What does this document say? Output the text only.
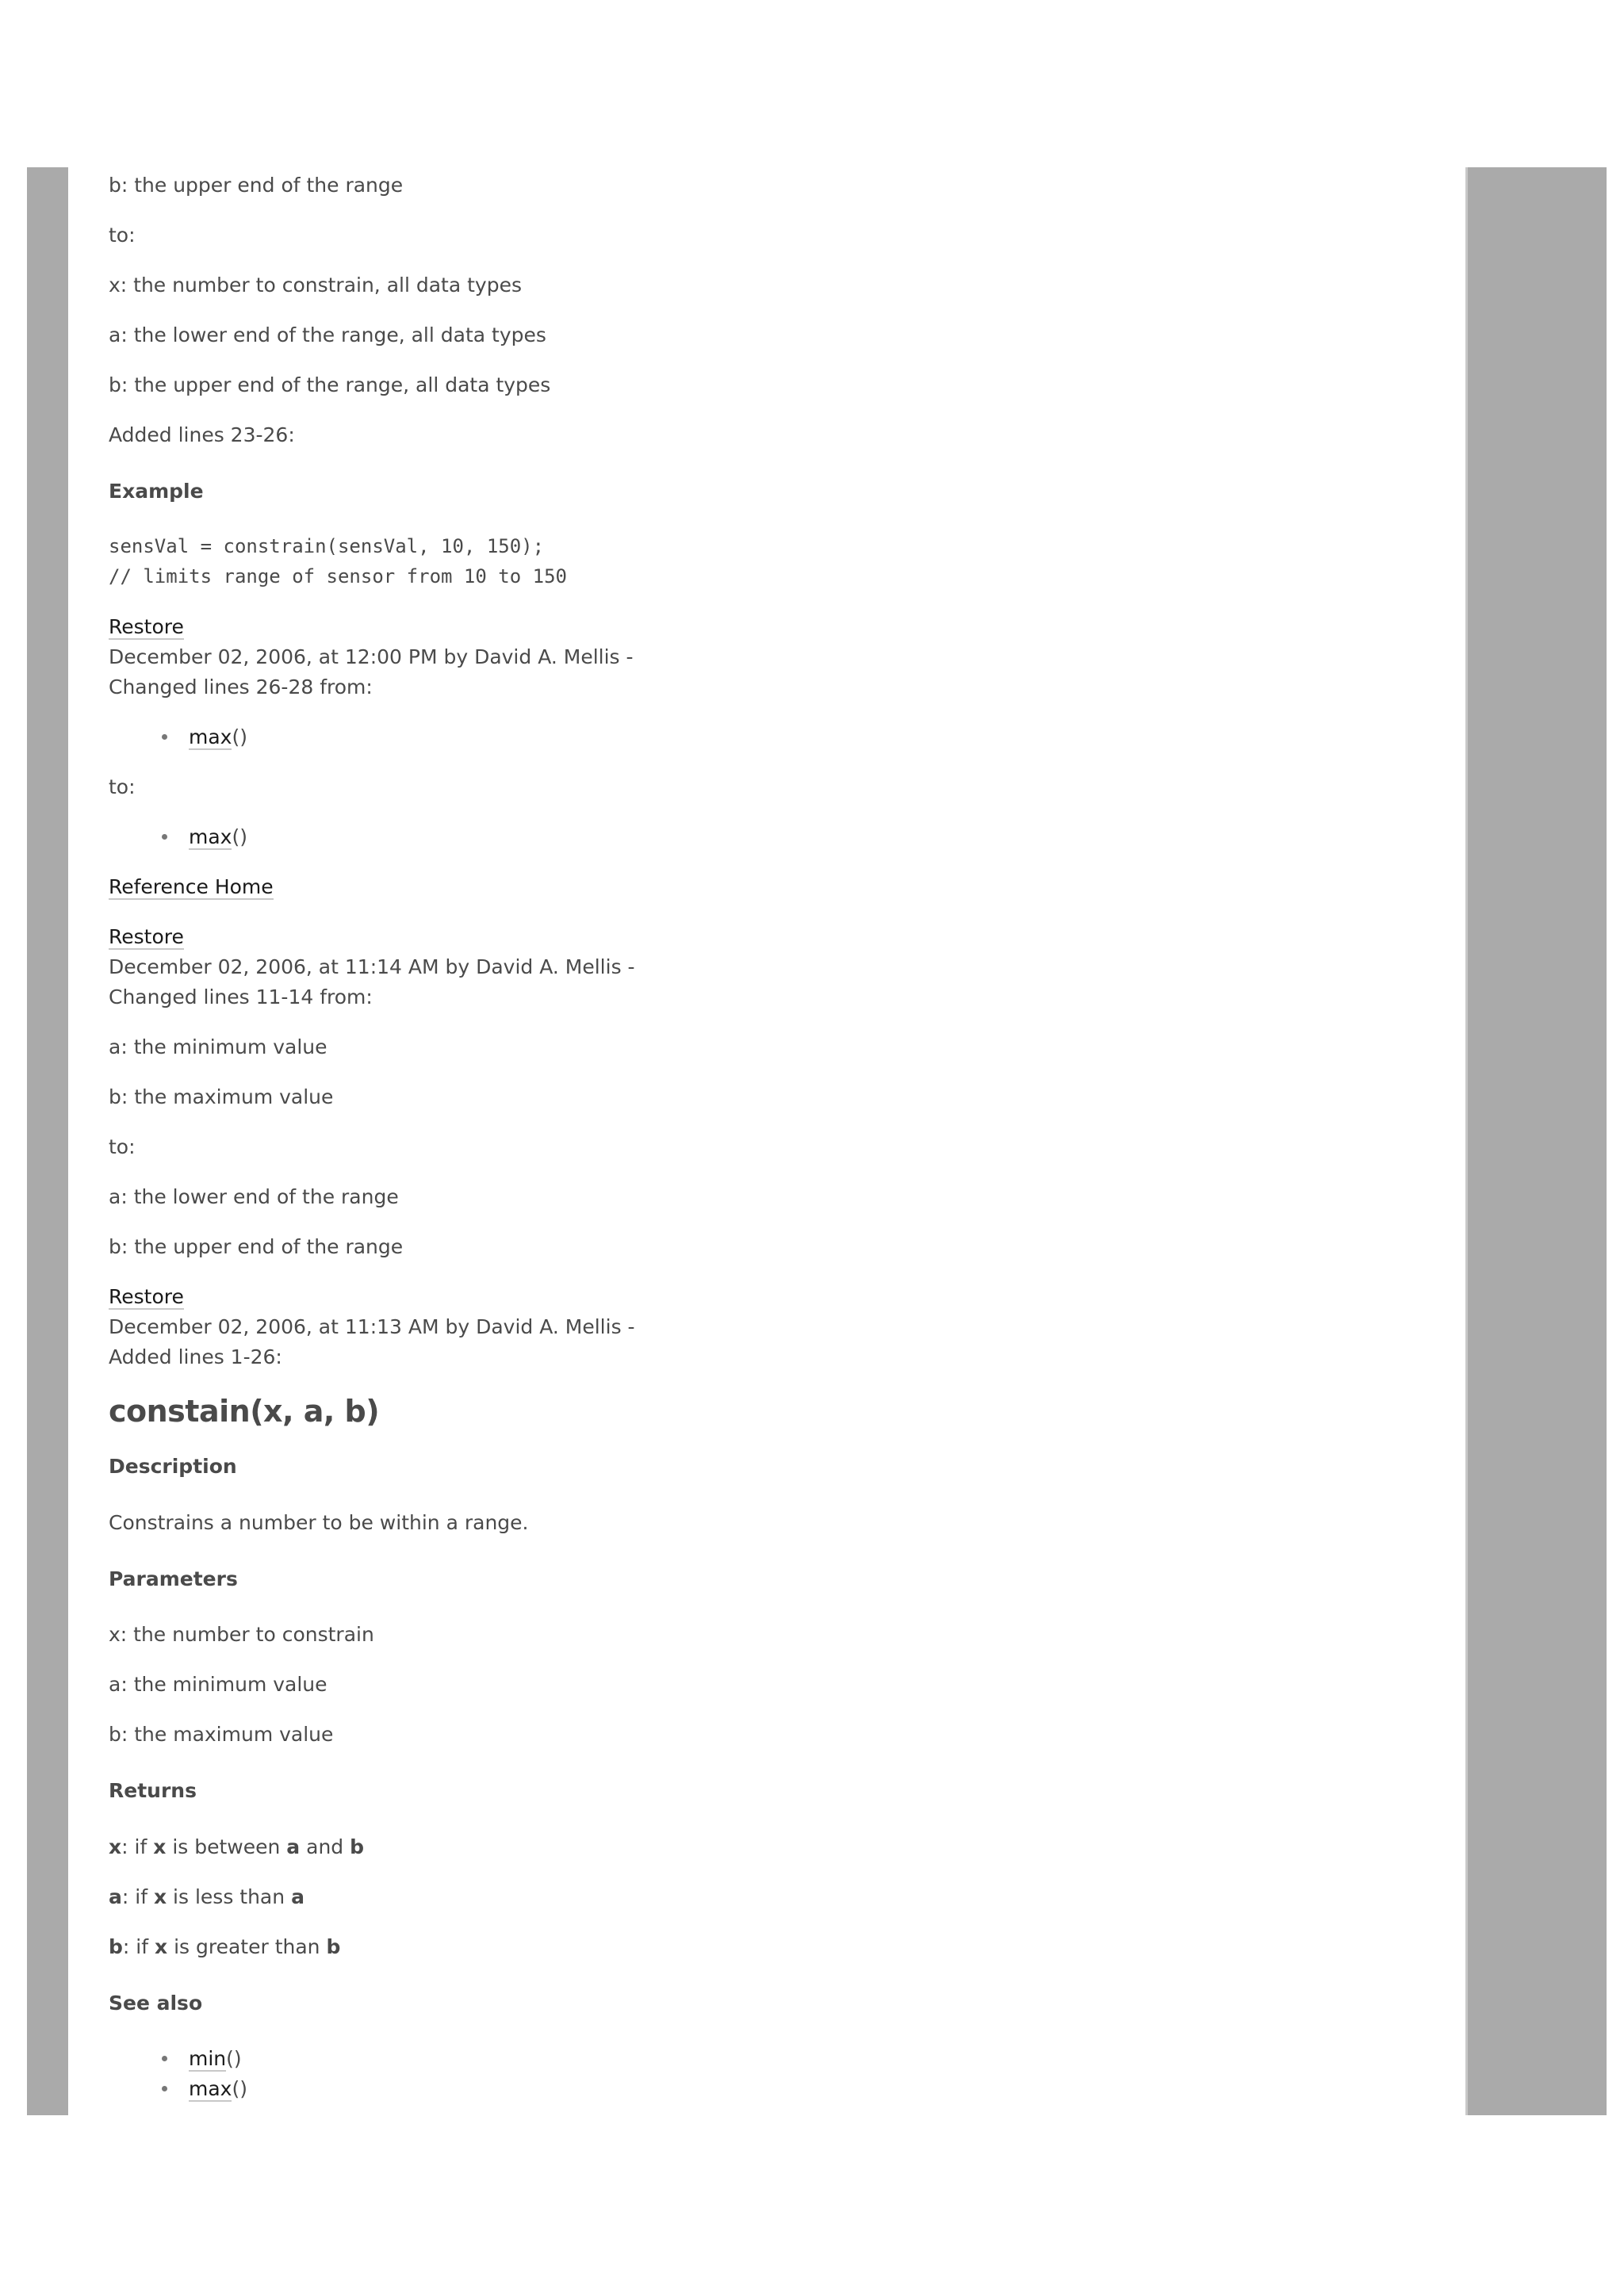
b: the upper end of the range
to:
x: the number to constrain, all data types
a: the lower end of the range, all data types
b: the upper end of the range, all data types
Added lines 23-26:
Example
sensVal = constrain(sensVal, 10, 150);
// limits range of sensor from 10 to 150
Restore
December 02, 2006, at 12:00 PM by David A. Mellis -
Changed lines 26-28 from:
max()
to:
max()
Reference Home
Restore
December 02, 2006, at 11:14 AM by David A. Mellis -
Changed lines 11-14 from:
a: the minimum value
b: the maximum value
to:
a: the lower end of the range
b: the upper end of the range
Restore
December 02, 2006, at 11:13 AM by David A. Mellis -
Added lines 1-26:
constain(x, a, b)
Description
Constrains a number to be within a range.
Parameters
x: the number to constrain
a: the minimum value
b: the maximum value
Returns
x: if x is between a and b
a: if x is less than a
b: if x is greater than b
See also
min()
max()
